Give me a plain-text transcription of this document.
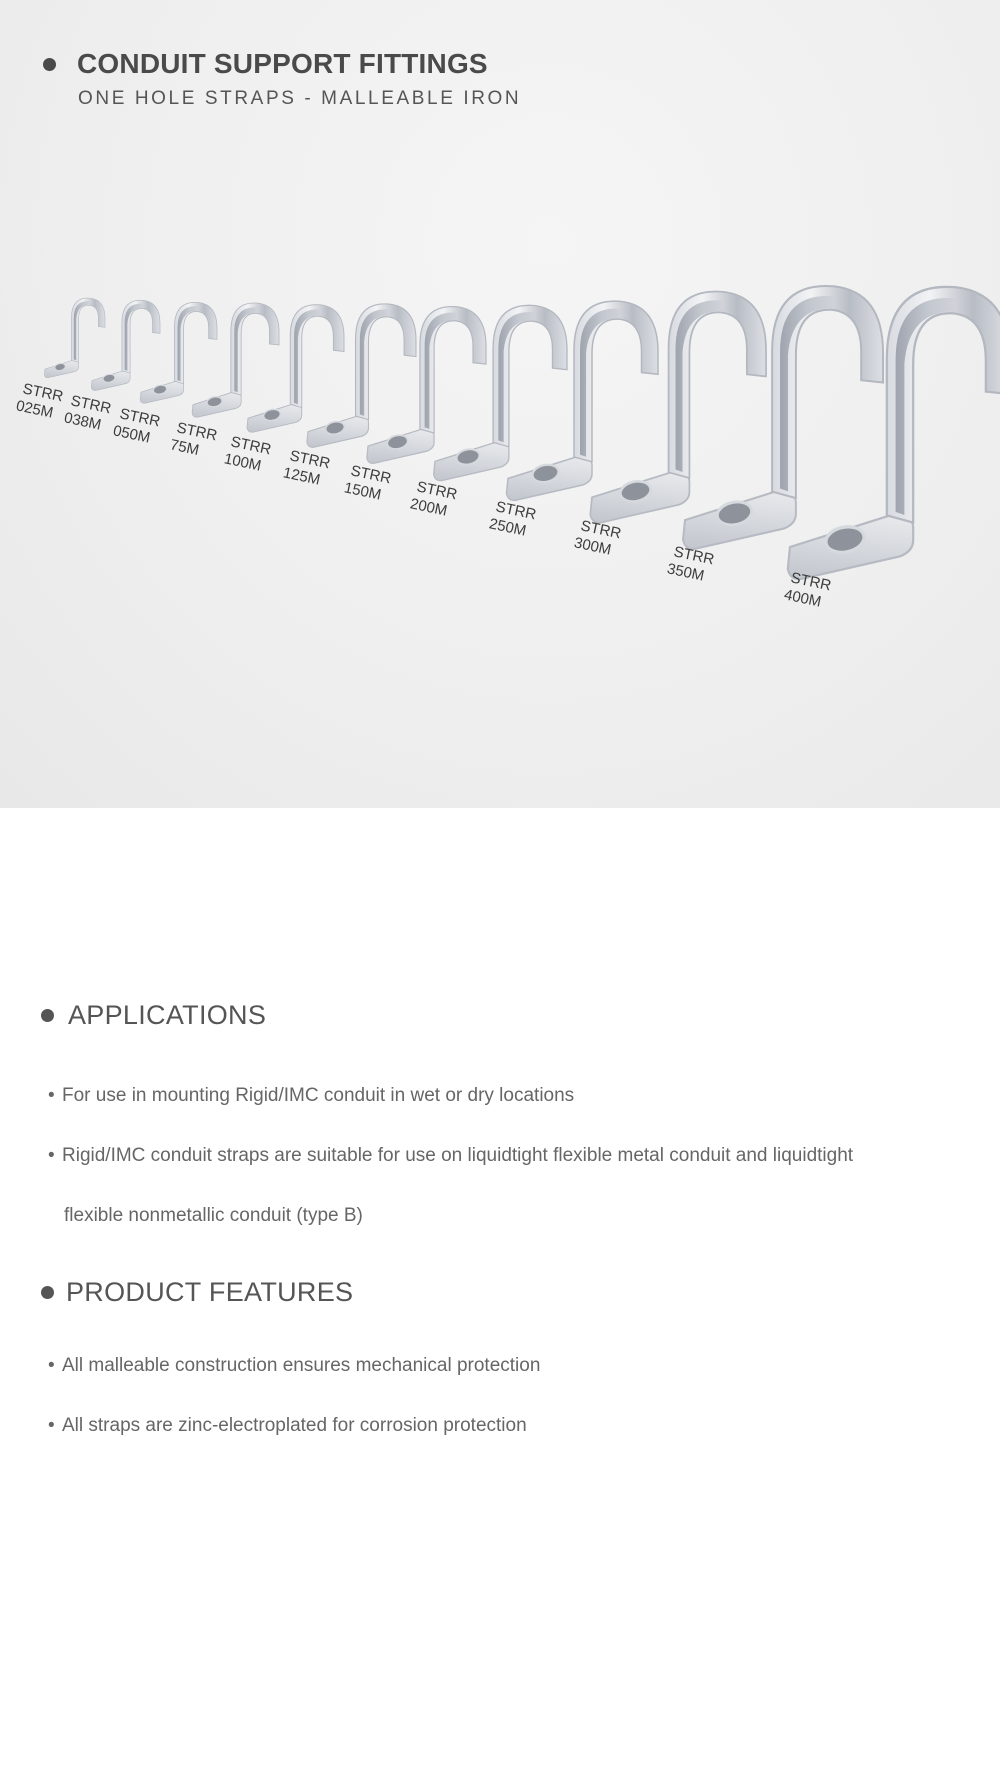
CONDUIT SUPPORT FITTINGS
ONE HOLE STRAPS - MALLEABLE IRON
STRR025M STRR038M	STRR050M	STRR75M	STRR100M	STRR125M	STRR150M	STRR200M	STRR250M	STRR300M	STRR350M	STRR400M
APPLICATIONS
• For use in mounting Rigid/IMC conduit in wet or dry locations
• Rigid/IMC conduit straps are suitable for use on liquidtight flexible metal conduit and liquidtight
flexible nonmetallic conduit (type B)
PRODUCT FEATURES
• All malleable construction ensures mechanical protection
• All straps are zinc-electroplated for corrosion protection
